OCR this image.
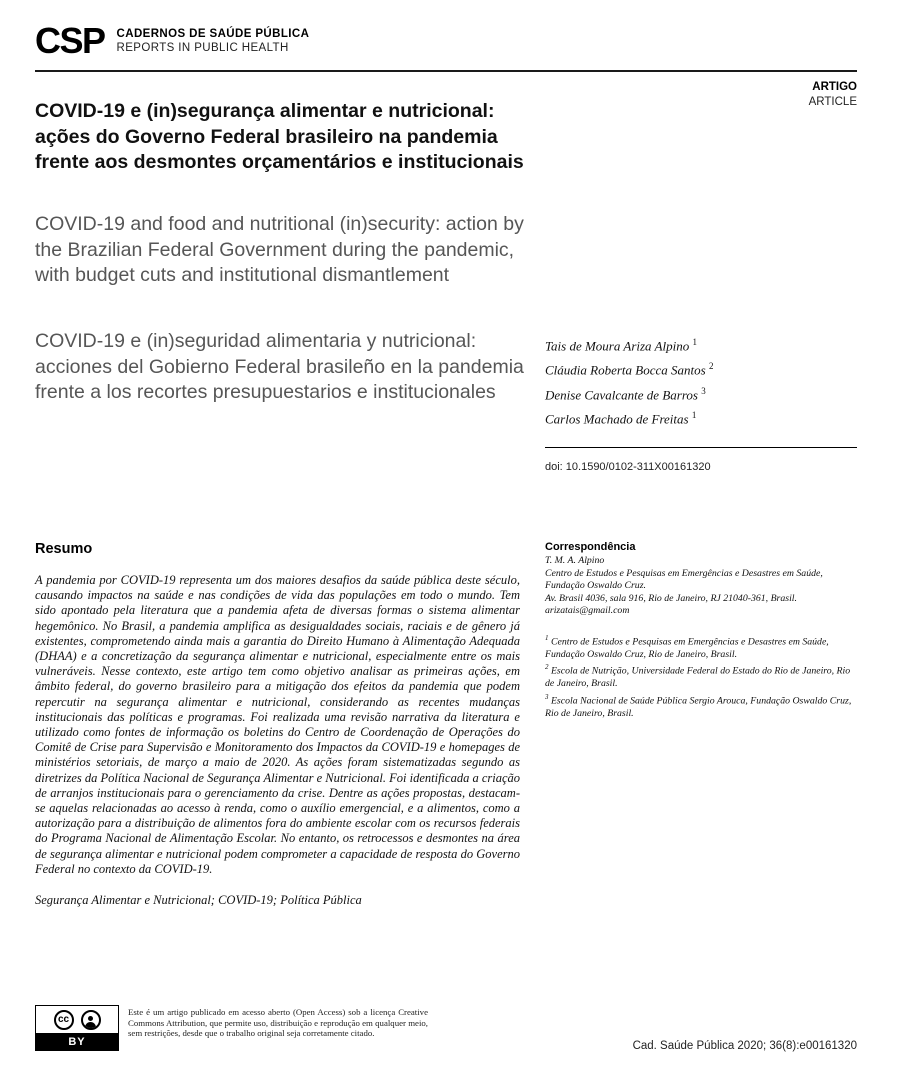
CSP CADERNOS DE SAÚDE PÚBLICA
REPORTS IN PUBLIC HEALTH
ARTIGO
ARTICLE
COVID-19 e (in)segurança alimentar e nutricional: ações do Governo Federal brasileiro na pandemia frente aos desmontes orçamentários e institucionais
COVID-19 and food and nutritional (in)security: action by the Brazilian Federal Government during the pandemic, with budget cuts and institutional dismantlement
COVID-19 e (in)seguridad alimentaria y nutricional: acciones del Gobierno Federal brasileño en la pandemia frente a los recortes presupuestarios e institucionales
Tais de Moura Ariza Alpino $^1$
Cláudia Roberta Bocca Santos $^2$
Denise Cavalcante de Barros $^3$
Carlos Machado de Freitas $^1$
doi: 10.1590/0102-311X00161320
Resumo

A pandemia por COVID-19 representa um dos maiores desafios da saúde pública deste século, causando impactos na saúde e nas condições de vida das populações em todo o mundo. Tem sido apontado pela literatura que a pandemia afeta de diversas formas o sistema alimentar hegemônico. No Brasil, a pandemia amplifica as desigualdades sociais, raciais e de gênero já existentes, comprometendo ainda mais a garantia do Direito Humano à Alimentação Adequada (DHAA) e a concretização da segurança alimentar e nutricional, especialmente entre os mais vulneráveis. Nesse contexto, este artigo tem como objetivo analisar as primeiras ações, em âmbito federal, do governo brasileiro para a mitigação dos efeitos da pandemia que podem repercutir na segurança alimentar e nutricional, considerando as recentes mudanças institucionais das políticas e programas. Foi realizada uma revisão narrativa da literatura e utilizado como fontes de informação os boletins do Centro de Coordenação de Operações do Comitê de Crise para Supervisão e Monitoramento dos Impactos da COVID-19 e homepages de ministérios setoriais, de março a maio de 2020. As ações foram sistematizadas segundo as diretrizes da Política Nacional de Segurança Alimentar e Nutricional. Foi identificada a criação de arranjos institucionais para o gerenciamento da crise. Dentre as ações propostas, destacam-se aquelas relacionadas ao acesso à renda, como o auxílio emergencial, e a alimentos, como a autorização para a distribuição de alimentos fora do ambiente escolar com os recursos federais do Programa Nacional de Alimentação Escolar. No entanto, os retrocessos e desmontes na área de segurança alimentar e nutricional podem comprometer a capacidade de resposta do Governo Federal no contexto da COVID-19.

Segurança Alimentar e Nutricional; COVID-19; Política Pública

Correspondência

T. M. A. Alpino

Centro de Estudos e Pesquisas em Emergências e Desastres em Saúde, Fundação Oswaldo Cruz.

Av. Brasil 4036, sala 916, Rio de Janeiro, RJ 21040-361, Brasil.

arizatais@gmail.com

$^1$ Centro de Estudos e Pesquisas em Emergências e Desastres em Saúde, Fundação Oswaldo Cruz, Rio de Janeiro, Brasil.

$^2$ Escola de Nutrição, Universidade Federal do Estado do Rio de Janeiro, Rio de Janeiro, Brasil.

$^3$ Escola Nacional de Saúde Pública Sergio Arouca, Fundação Oswaldo Cruz, Rio de Janeiro, Brasil.

cc
BY

Este é um artigo publicado em acesso aberto (Open Access) sob a licença Creative Commons Attribution, que permite uso, distribuição e reprodução em qualquer meio, sem restrições, desde que o trabalho original seja corretamente citado.

Cad. Saúde Pública 2020; 36(8):e00161320
